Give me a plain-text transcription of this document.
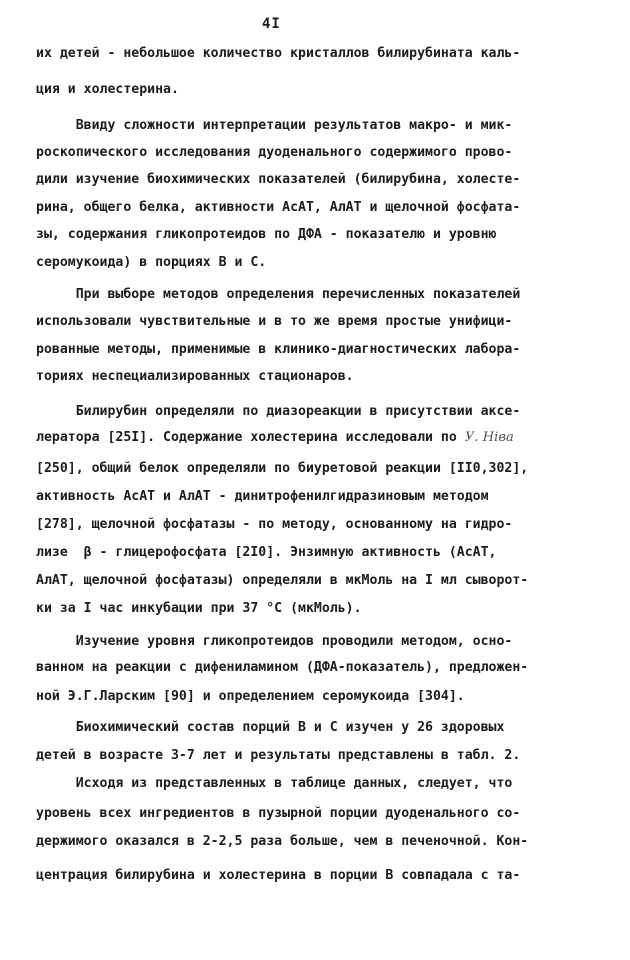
4I
их детей - небольшое количество кристаллов билирубината каль-
ция и холестерина.
Ввиду сложности интерпретации результатов макро- и мик-
роскопического исследования дуоденального содержимого прово-
дили изучение биохимических показателей (билирубина, холесте-
рина, общего белка, активности АсАТ, АлАТ и щелочной фосфата-
зы, содержания гликопротеидов по ДФА - показателю и уровню
серомукоида) в порциях В и С.
При выборе методов определения перечисленных показателей
использовали чувствительные и в то же время простые унифици-
рованные методы, применимые в клинико-диагностических лабора-
ториях неспециализированных стационаров.
Билирубин определяли по диазореакции в присутствии аксе-
лератора [25I]. Содержание холестерина исследовали по У. Нiва
[250], общий белок определяли по биуретовой реакции [II0,302],
активность АсАТ и АлАТ - динитрофенилгидразиновым методом
[278], щелочной фосфатазы - по методу, основанному на гидро-
лизе  β - глицерофосфата [2I0]. Энзимную активность (АсАТ,
АлАТ, щелочной фосфатазы) определяли в мкМоль на I мл сыворот-
ки за I час инкубации при 37 °С (мкМоль).
Изучение уровня гликопротеидов проводили методом, осно-
ванном на реакции с дифениламином (ДФА-показатель), предложен-
ной Э.Г.Ларским [90] и определением серомукоида [304].
Биохимический состав порций В и С изучен у 26 здоровых
детей в возрасте 3-7 лет и результаты представлены в табл. 2.
Исходя из представленных в таблице данных, следует, что
уровень всех ингредиентов в пузырной порции дуоденального со-
держимого оказался в 2-2,5 раза больше, чем в печеночной. Кон-
центрация билирубина и холестерина в порции В совпадала с та-
